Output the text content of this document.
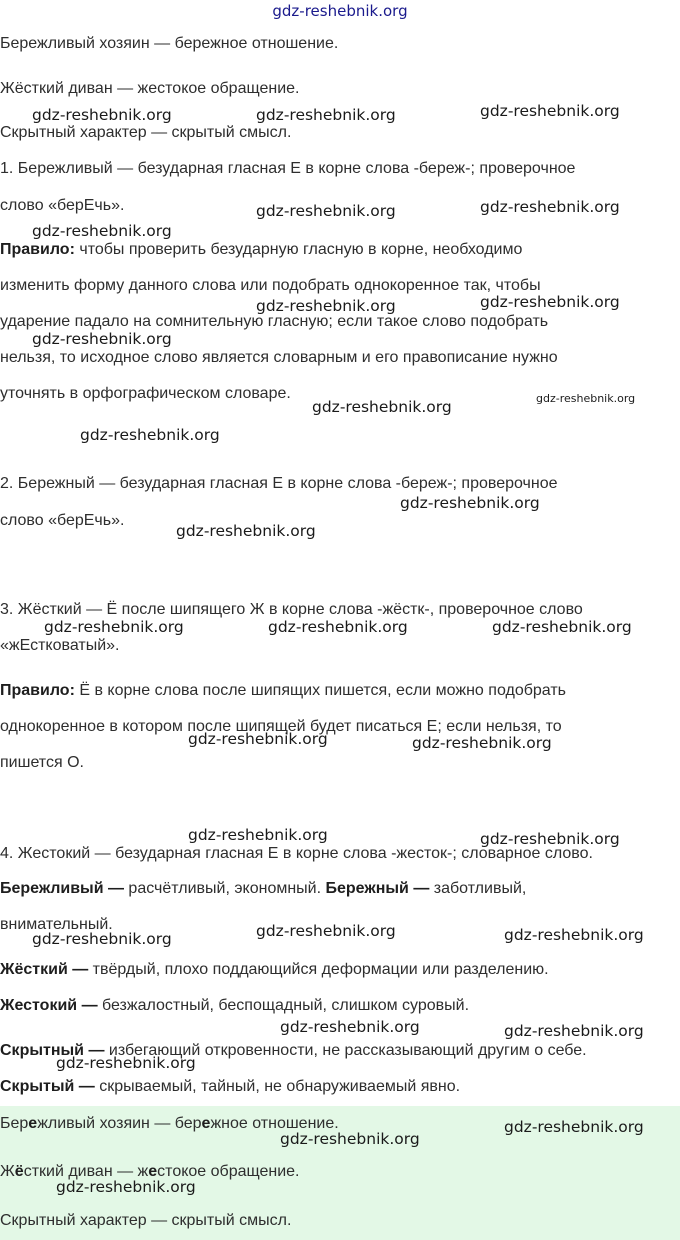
gdz-reshebnik.org
Бережливый хозяин — бережное отношение.
Жёсткий диван — жестокое обращение.
Скрытный характер — скрытый смысл.
1. Бережливый — безударная гласная Е в корне слова -береж-; проверочное
слово «берЕчь».
Правило: чтобы проверить безударную гласную в корне, необходимо
изменить форму данного слова или подобрать однокоренное так, чтобы
ударение падало на сомнительную гласную; если такое слово подобрать
нельзя, то исходное слово является словарным и его правописание нужно
уточнять в орфографическом словаре.
2. Бережный — безударная гласная Е в корне слова -береж-; проверочное
слово «берЕчь».
3. Жёсткий — Ё после шипящего Ж в корне слова -жёстк-, проверочное слово
«жЕстковатый».
Правило: Ё в корне слова после шипящих пишется, если можно подобрать
однокоренное в котором после шипящей будет писаться Е; если нельзя, то
пишется О.
4. Жестокий — безударная гласная Е в корне слова -жесток-; словарное слово.
Бережливый — расчётливый, экономный. Бережный — заботливый,
внимательный.
Жёсткий — твёрдый, плохо поддающийся деформации или разделению.
Жестокий — безжалостный, беспощадный, слишком суровый.
Скрытный — избегающий откровенности, не рассказывающий другим о себе.
Скрытый — скрываемый, тайный, не обнаруживаемый явно.
Бережливый хозяин — бережное отношение.
Жёсткий диван — жестокое обращение.
Скрытный характер — скрытый смысл.
gdz-reshebnik.org	gdz-reshebnik.org	gdz-reshebnik.org
gdz-reshebnik.org	gdz-reshebnik.org
gdz-reshebnik.org
gdz-reshebnik.org	gdz-reshebnik.org
gdz-reshebnik.org
gdz-reshebnik.org	gdz-reshebnik.org
gdz-reshebnik.org
gdz-reshebnik.org
gdz-reshebnik.org
gdz-reshebnik.org	gdz-reshebnik.org	gdz-reshebnik.org
gdz-reshebnik.org	gdz-reshebnik.org
gdz-reshebnik.org	gdz-reshebnik.org
gdz-reshebnik.org	gdz-reshebnik.org	gdz-reshebnik.org
gdz-reshebnik.org	gdz-reshebnik.org
gdz-reshebnik.org
gdz-reshebnik.org
gdz-reshebnik.org
gdz-reshebnik.org
